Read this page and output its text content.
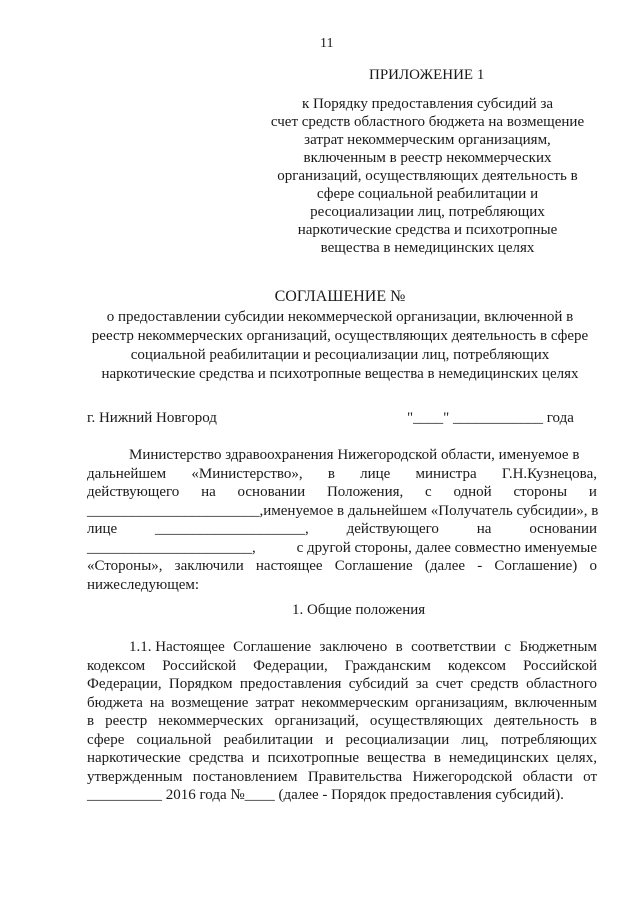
11
ПРИЛОЖЕНИЕ 1
к Порядку предоставления субсидий за
счет средств областного бюджета на возмещение
затрат некоммерческим организациям,
включенным в реестр некоммерческих
организаций, осуществляющих деятельность в
сфере социальной реабилитации и
ресоциализации лиц, потребляющих
наркотические средства и психотропные
вещества в немедицинских целях
СОГЛАШЕНИЕ №
о предоставлении субсидии некоммерческой организации, включенной в
реестр некоммерческих организаций, осуществляющих деятельность в сфере
социальной реабилитации и ресоциализации лиц, потребляющих
наркотические средства и психотропные вещества в немедицинских целях
г. Нижний Новгород	"____" ____________ года
Министерство здравоохранения Нижегородской области, именуемое в
дальнейшем «Министерство», в лице министра Г.Н.Кузнецова,
действующего на основании Положения, с одной стороны и
_______________________, именуемое в дальнейшем «Получатель субсидии», в
лице	____________________,	действующего	на	основании
______________________,	с другой стороны, далее совместно именуемые
«Стороны», заключили настоящее Соглашение (далее - Соглашение) о
нижеследующем:
1. Общие положения
1.1. Настоящее Соглашение заключено в соответствии с Бюджетным
кодексом Российской Федерации, Гражданским кодексом Российской
Федерации, Порядком предоставления субсидий за счет средств областного
бюджета на возмещение затрат некоммерческим организациям, включенным
в реестр некоммерческих организаций, осуществляющих деятельность в
сфере социальной реабилитации и ресоциализации лиц, потребляющих
наркотические средства и психотропные вещества в немедицинских целях,
утвержденным постановлением Правительства Нижегородской области от
__________ 2016 года №____ (далее - Порядок предоставления субсидий).
